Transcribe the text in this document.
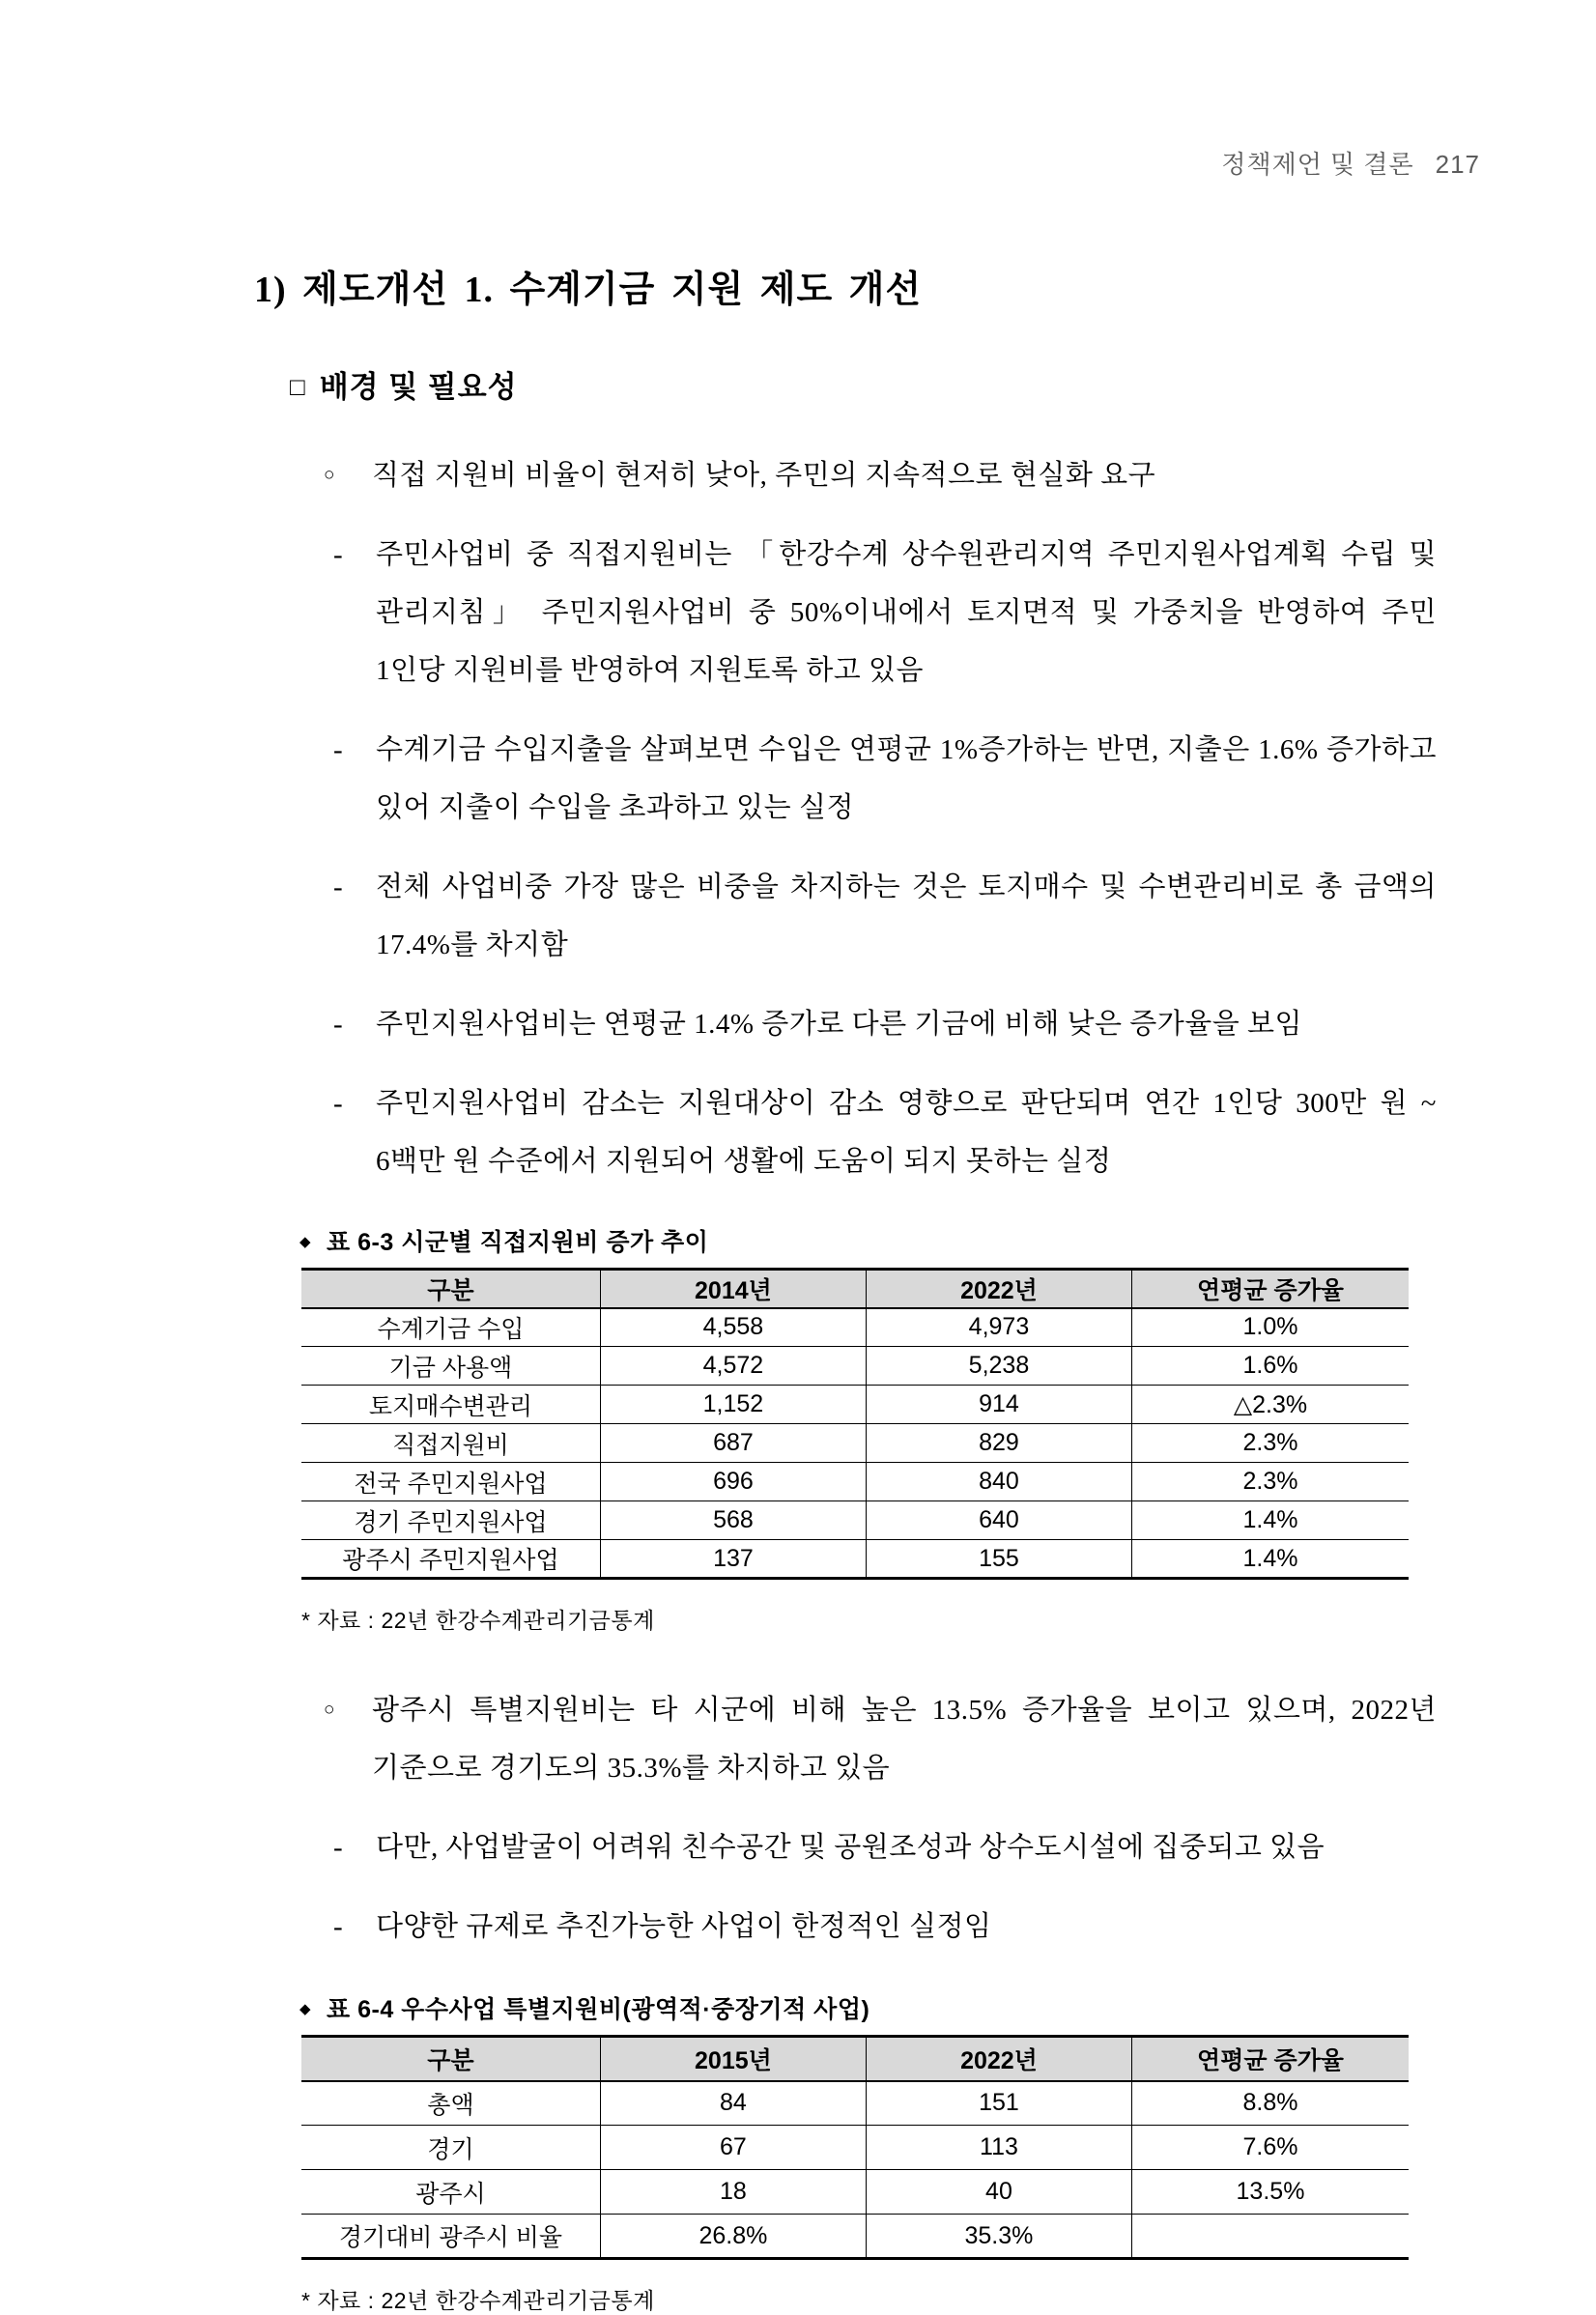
정책제언 및 결론 217
1) 제도개선 1. 수계기금 지원 제도 개선
□ 배경 및 필요성
○	직접 지원비 비율이 현저히 낮아, 주민의 지속적으로 현실화 요구
-	주민사업비 중 직접지원비는 「한강수계 상수원관리지역 주민지원사업계획 수립 및 관리지침」 주민지원사업비 중 50%이내에서 토지면적 및 가중치을 반영하여 주민 1인당 지원비를 반영하여 지원토록 하고 있음
-	수계기금 수입지출을 살펴보면 수입은 연평균 1%증가하는 반면, 지출은 1.6% 증가하고 있어 지출이 수입을 초과하고 있는 실정
-	전체 사업비중 가장 많은 비중을 차지하는 것은 토지매수 및 수변관리비로 총 금액의 17.4%를 차지함
-	주민지원사업비는 연평균 1.4% 증가로 다른 기금에 비해 낮은 증가율을 보임
-	주민지원사업비 감소는 지원대상이 감소 영향으로 판단되며 연간 1인당 300만 원 ~ 6백만 원 수준에서 지원되어 생활에 도움이 되지 못하는 실정
◆ 표 6-3 시군별 직접지원비 증가 추이
구분	2014년	2022년	연평균 증가율
수계기금 수입	4,558	4,973	1.0%
기금 사용액	4,572	5,238	1.6%
토지매수변관리	1,152	914	△2.3%
직접지원비	687	829	2.3%
전국 주민지원사업	696	840	2.3%
경기 주민지원사업	568	640	1.4%
광주시 주민지원사업	137	155	1.4%
* 자료 : 22년 한강수계관리기금통계
○	광주시 특별지원비는 타 시군에 비해 높은 13.5% 증가율을 보이고 있으며, 2022년 기준으로 경기도의 35.3%를 차지하고 있음
-	다만, 사업발굴이 어려워 친수공간 및 공원조성과 상수도시설에 집중되고 있음
-	다양한 규제로 추진가능한 사업이 한정적인 실정임
◆ 표 6-4 우수사업 특별지원비(광역적·중장기적 사업)
구분	2015년	2022년	연평균 증가율
총액	84	151	8.8%
경기	67	113	7.6%
광주시	18	40	13.5%
경기대비 광주시 비율	26.8%	35.3%	
* 자료 : 22년 한강수계관리기금통계
